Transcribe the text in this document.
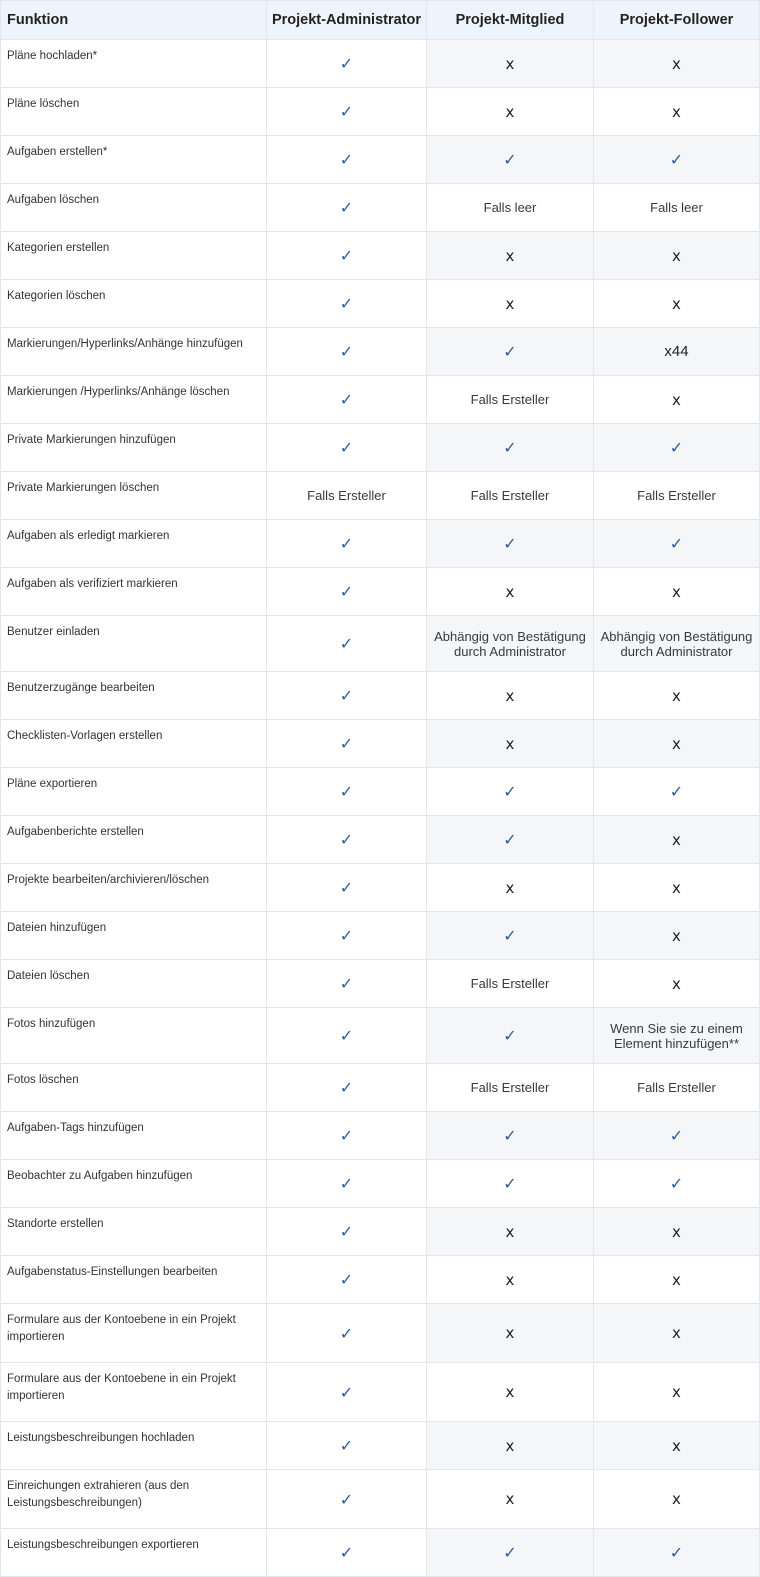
Funktion	Projekt-Administrator	Projekt-Mitglied	Projekt-Follower
Pläne hochladen*	✓	x	x
Pläne löschen	✓	x	x
Aufgaben erstellen*	✓	✓	✓
Aufgaben löschen	✓	Falls leer	Falls leer
Kategorien erstellen	✓	x	x
Kategorien löschen	✓	x	x
Markierungen/Hyperlinks/Anhänge hinzufügen	✓	✓	x44
Markierungen /Hyperlinks/Anhänge löschen	✓	Falls Ersteller	x
Private Markierungen hinzufügen	✓	✓	✓
Private Markierungen löschen	Falls Ersteller	Falls Ersteller	Falls Ersteller
Aufgaben als erledigt markieren	✓	✓	✓
Aufgaben als verifiziert markieren	✓	x	x
Benutzer einladen	✓	Abhängig von Bestätigung durch Administrator	Abhängig von Bestätigung durch Administrator
Benutzerzugänge bearbeiten	✓	x	x
Checklisten-Vorlagen erstellen	✓	x	x
Pläne exportieren	✓	✓	✓
Aufgabenberichte erstellen	✓	✓	x
Projekte bearbeiten/archivieren/löschen	✓	x	x
Dateien hinzufügen	✓	✓	x
Dateien löschen	✓	Falls Ersteller	x
Fotos hinzufügen	✓	✓	Wenn Sie sie zu einem Element hinzufügen**
Fotos löschen	✓	Falls Ersteller	Falls Ersteller
Aufgaben-Tags hinzufügen	✓	✓	✓
Beobachter zu Aufgaben hinzufügen	✓	✓	✓
Standorte erstellen	✓	x	x
Aufgabenstatus-Einstellungen bearbeiten	✓	x	x
Formulare aus der Kontoebene in ein Projekt importieren	✓	x	x
Formulare aus der Kontoebene in ein Projekt importieren	✓	x	x
Leistungsbeschreibungen hochladen	✓	x	x
Einreichungen extrahieren (aus den Leistungsbeschreibungen)	✓	x	x
Leistungsbeschreibungen exportieren	✓	✓	✓
